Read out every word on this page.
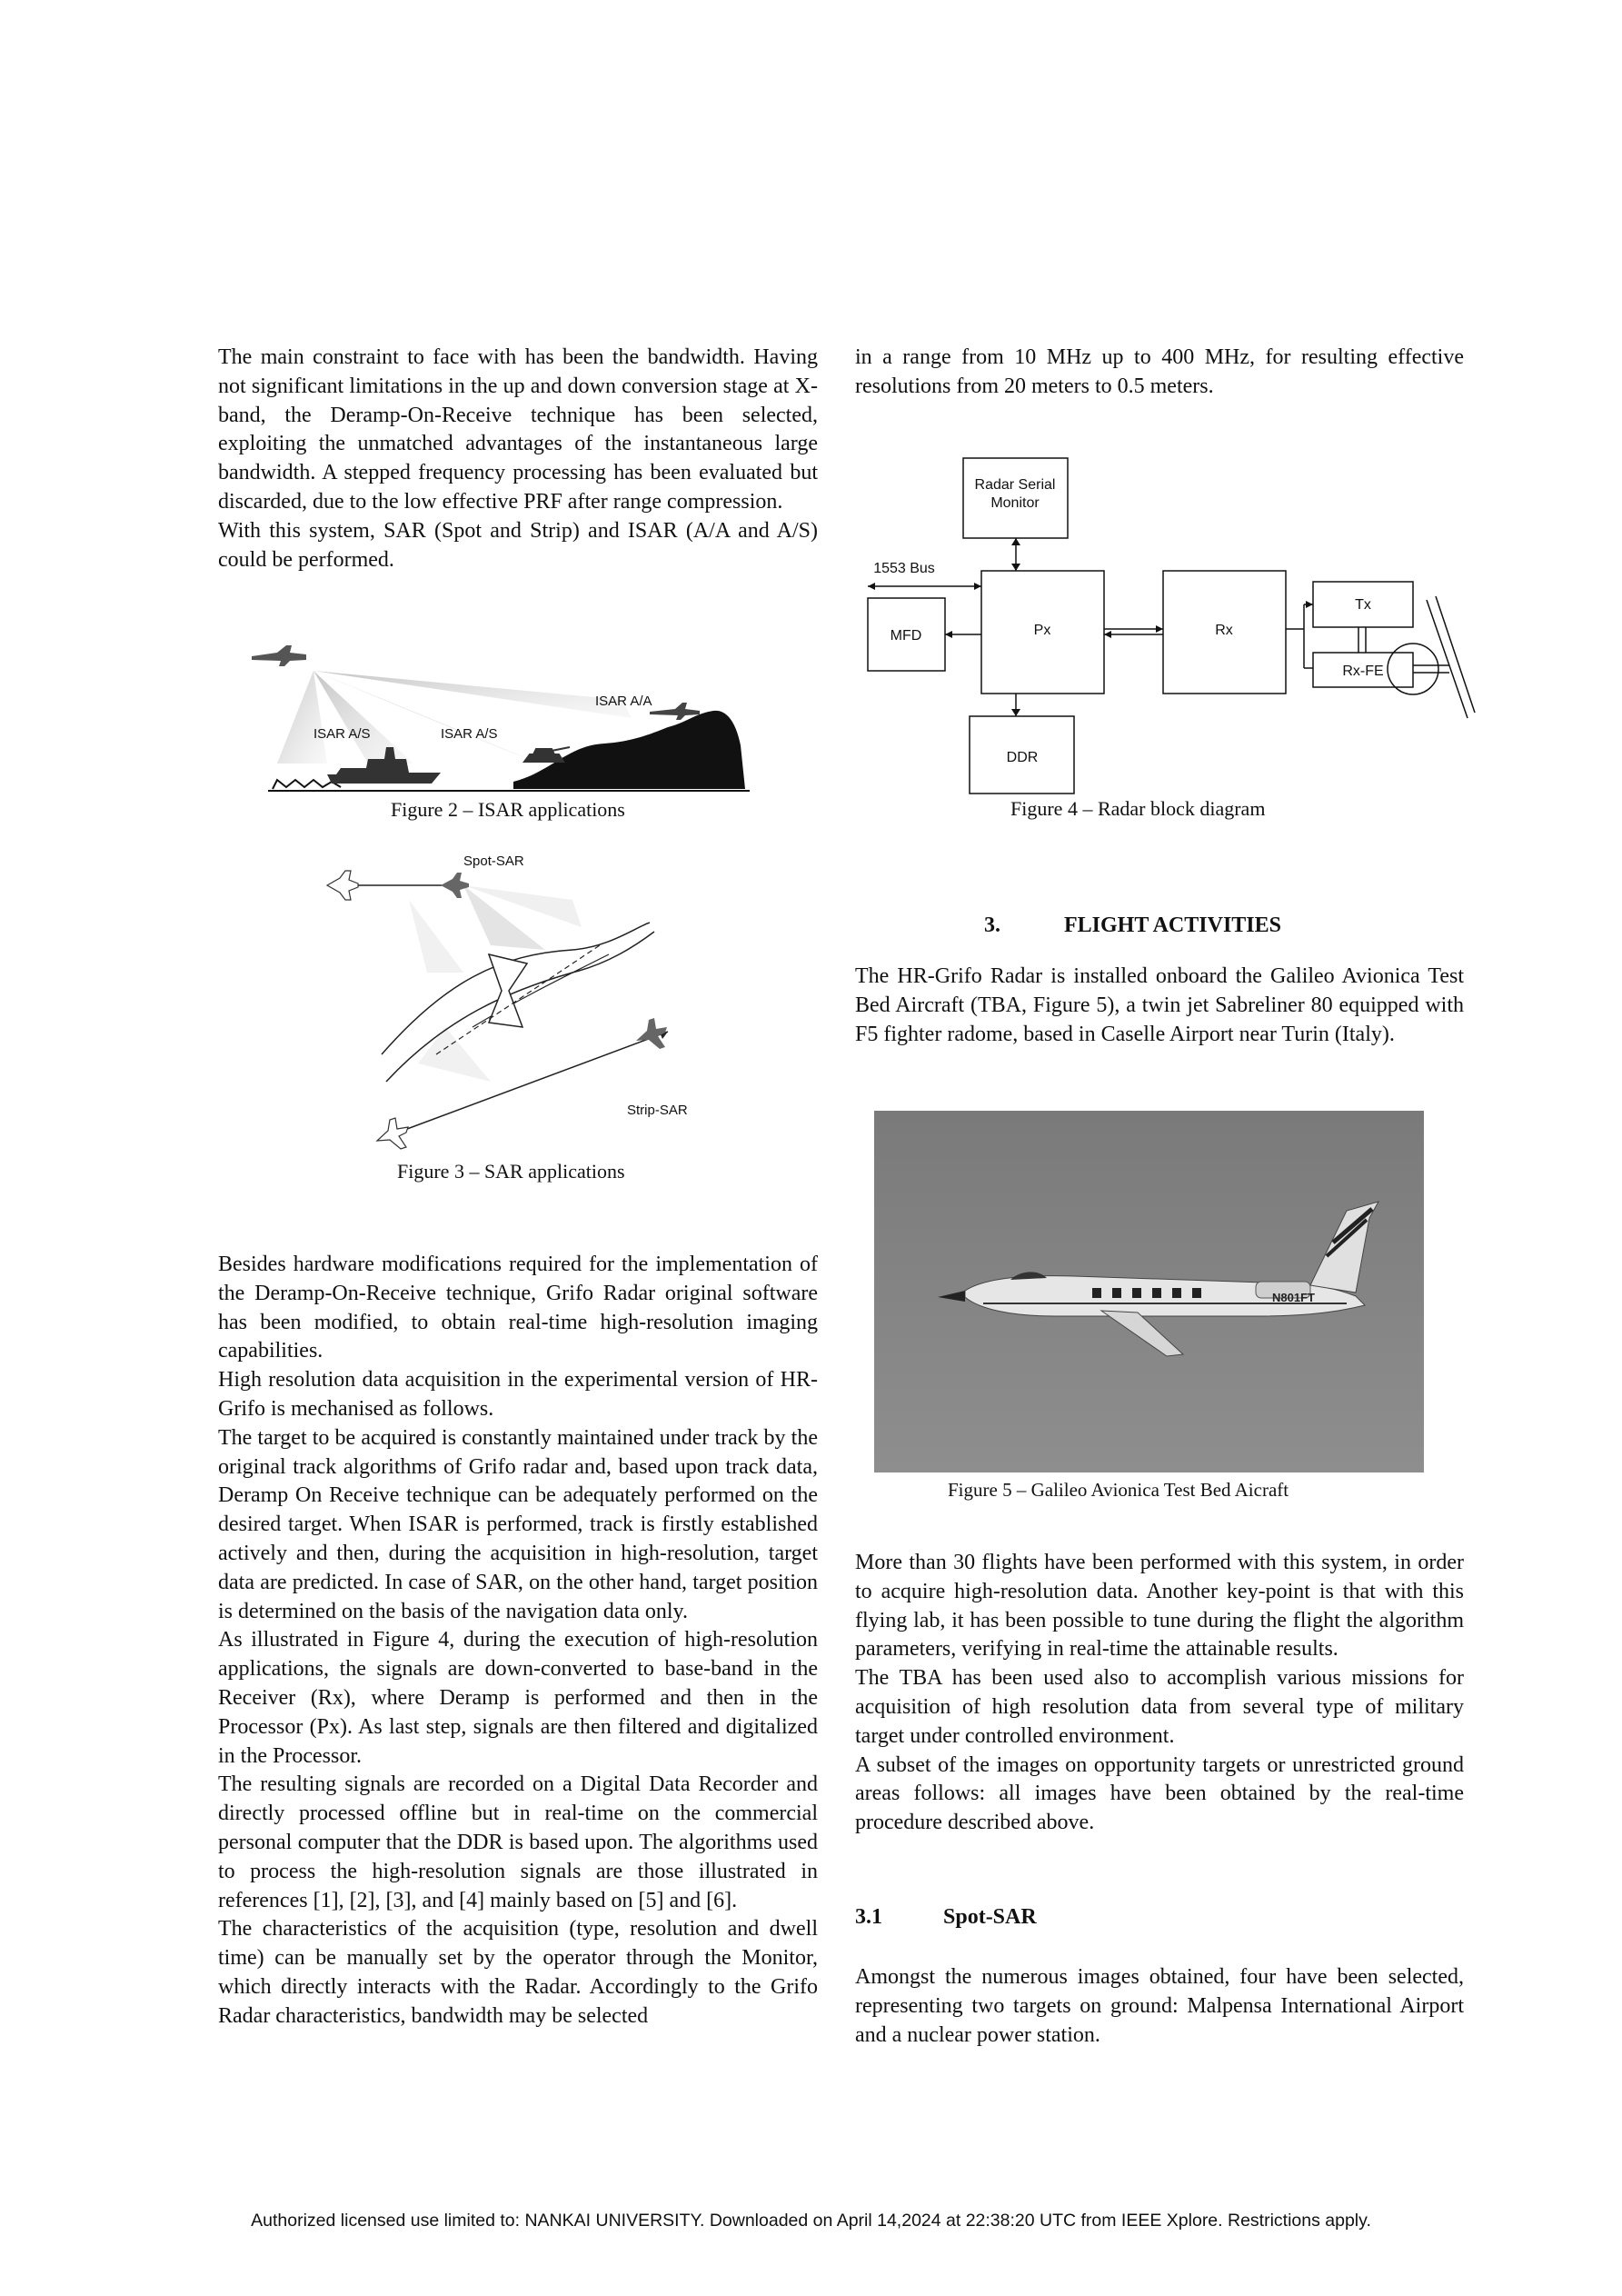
The main constraint to face with has been the bandwidth. Having not significant limitations in the up and down conversion stage at X-band, the Deramp-On-Receive technique has been selected, exploiting the unmatched advantages of the instantaneous large bandwidth. A stepped frequency processing has been evaluated but discarded, due to the low effective PRF after range compression.

With this system, SAR (Spot and Strip) and ISAR (A/A and A/S) could be performed.

ISAR A/A
ISAR A/S	ISAR A/S
Figure 2 – ISAR applications
Spot-SAR
Strip-SAR
Figure 3 – SAR applications

Besides hardware modifications required for the implementation of the Deramp-On-Receive technique, Grifo Radar original software has been modified, to obtain real-time high-resolution imaging capabilities.

High resolution data acquisition in the experimental version of HR-Grifo is mechanised as follows.

The target to be acquired is constantly maintained under track by the original track algorithms of Grifo radar and, based upon track data, Deramp On Receive technique can be adequately performed on the desired target. When ISAR is performed, track is firstly established actively and then, during the acquisition in high-resolution, target data are predicted. In case of SAR, on the other hand, target position is determined on the basis of the navigation data only.

As illustrated in Figure 4, during the execution of high-resolution applications, the signals are down-converted to base-band in the Receiver (Rx), where Deramp is performed and then in the Processor (Px). As last step, signals are then filtered and digitalized in the Processor.

The resulting signals are recorded on a Digital Data Recorder and directly processed offline but in real-time on the commercial personal computer that the DDR is based upon. The algorithms used to process the high-resolution signals are those illustrated in references [1], [2], [3], and [4] mainly based on [5] and [6].

The characteristics of the acquisition (type, resolution and dwell time) can be manually set by the operator through the Monitor, which directly interacts with the Radar. Accordingly to the Grifo Radar characteristics, bandwidth may be selected

in a range from 10 MHz up to 400 MHz, for resulting effective resolutions from 20 meters to 0.5 meters.

Radar Serial
Monitor
MFD	Px	Rx
Tx
Rx-FE
DDR
1553 Bus
Figure 4 – Radar block diagram
3.	FLIGHT ACTIVITIES

The HR-Grifo Radar is installed onboard the Galileo Avionica Test Bed Aircraft (TBA, Figure 5), a twin jet Sabreliner 80 equipped with F5 fighter radome, based in Caselle Airport near Turin (Italy).

N801FT
Figure 5 – Galileo Avionica Test Bed Aicraft

More than 30 flights have been performed with this system, in order to acquire high-resolution data. Another key-point is that with this flying lab, it has been possible to tune during the flight the algorithm parameters, verifying in real-time the attainable results.

The TBA has been used also to accomplish various missions for acquisition of high resolution data from several type of military target under controlled environment.

A subset of the images on opportunity targets or unrestricted ground areas follows: all images have been obtained by the real-time procedure described above.

3.1	Spot-SAR

Amongst the numerous images obtained, four have been selected, representing two targets on ground: Malpensa International Airport and a nuclear power station.

Authorized licensed use limited to: NANKAI UNIVERSITY. Downloaded on April 14,2024 at 22:38:20 UTC from IEEE Xplore. Restrictions apply.
